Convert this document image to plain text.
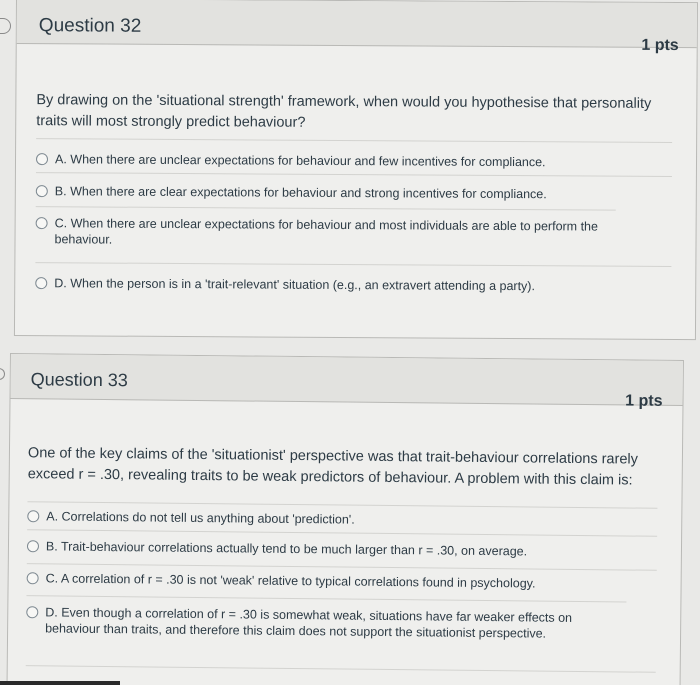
Question 32
1 pts
By drawing on the 'situational strength' framework, when would you hypothesise that personality traits will most strongly predict behaviour?
A. When there are unclear expectations for behaviour and few incentives for compliance.
B. When there are clear expectations for behaviour and strong incentives for compliance.
C. When there are unclear expectations for behaviour and most individuals are able to perform the behaviour.
D. When the person is in a 'trait-relevant' situation (e.g., an extravert attending a party).
Question 33
1 pts
One of the key claims of the 'situationist' perspective was that trait-behaviour correlations rarely exceed r = .30, revealing traits to be weak predictors of behaviour. A problem with this claim is:
A. Correlations do not tell us anything about 'prediction'.
B. Trait-behaviour correlations actually tend to be much larger than r = .30, on average.
C. A correlation of r = .30 is not 'weak' relative to typical correlations found in psychology.
D. Even though a correlation of r = .30 is somewhat weak, situations have far weaker effects on behaviour than traits, and therefore this claim does not support the situationist perspective.
